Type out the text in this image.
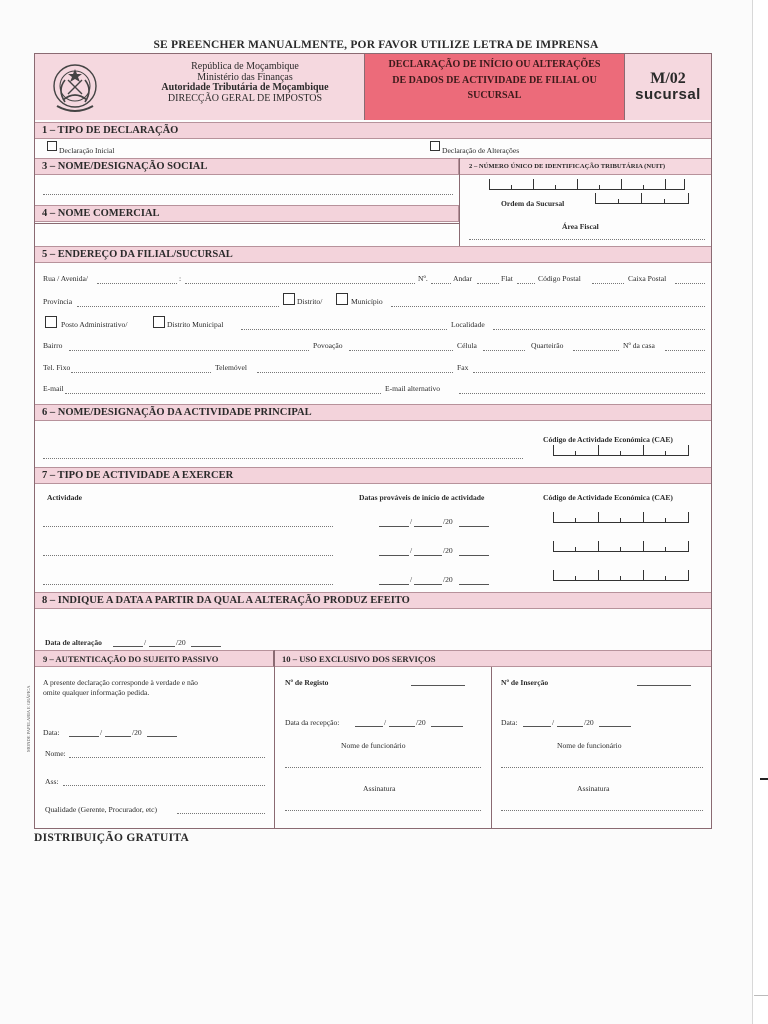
SE PREENCHER MANUALMENTE, POR FAVOR UTILIZE LETRA DE IMPRENSA
República de Moçambique
Ministério das Finanças
Autoridade Tributária de Moçambique
DIRECÇÃO GERAL DE IMPOSTOS
DECLARAÇÃO DE INÍCIO OU ALTERAÇÕES
DE DADOS DE ACTIVIDADE DE FILIAL OU
SUCURSAL
M/02
sucursal
1 – TIPO DE DECLARAÇÃO
Declaração Inicial	Declaração de Alterações
3 – NOME/DESIGNAÇÃO SOCIAL	2 – NÚMERO ÚNICO DE IDENTIFICAÇÃO TRIBUTÁRIA (NUIT)
Ordem da Sucursal
4 – NOME COMERCIAL
Área Fiscal
5 – ENDEREÇO DA FILIAL/SUCURSAL
Rua / Avenida/	:	Nº.	Andar	Flat	Código Postal	Caixa Postal
Província	Distrito/	Município
Posto Administrativo/	Distrito Municipal	Localidade
Bairro	Povoação	Célula	Quarteirão	Nº da casa
Tel. Fixo	Telemóvel	Fax
E-mail	E-mail alternativo
6 – NOME/DESIGNAÇÃO DA ACTIVIDADE PRINCIPAL
Código de Actividade Económica (CAE)
7 – TIPO DE ACTIVIDADE A EXERCER
Actividade	Datas prováveis de início de actividade	Código de Actividade Económica (CAE)
/	/20
/	/20
/	/20
8 – INDIQUE A DATA A PARTIR DA QUAL A ALTERAÇÃO PRODUZ EFEITO
Data de alteração	/	/20
9 – AUTENTICAÇÃO DO SUJEITO PASSIVO	10 – USO EXCLUSIVO DOS SERVIÇOS
A presente declaração corresponde à verdade e não
omite qualquer informação pedida.
Data:	/	/20
Nome:
Ass:
Qualidade (Gerente, Procurador, etc)
Nº de Registo
Data da recepção:	/	/20
Nome de funcionário
Assinatura
Nº de Inserção
Data:	/	/20
Nome de funcionário
Assinatura
MONDE PAPELARIA E GRÁFICA
DISTRIBUIÇÃO GRATUITA
